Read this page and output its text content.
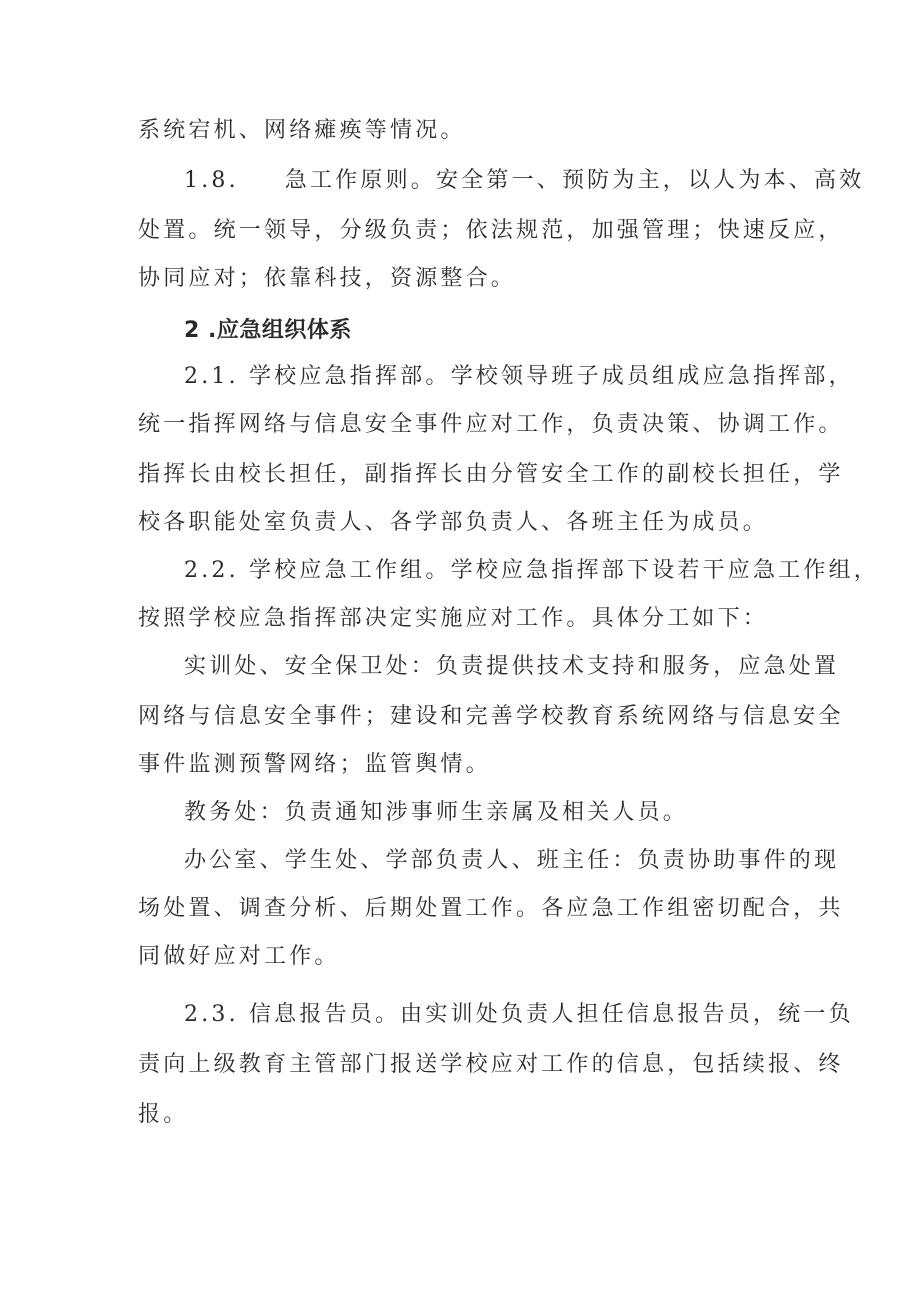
系统宕机、网络瘫痪等情况。
1.8. 急工作原则。安全第一、预防为主，以人为本、高效
处置。统一领导，分级负责；依法规范，加强管理；快速反应，
协同应对；依靠科技，资源整合。
2 .应急组织体系
2.1. 学校应急指挥部。学校领导班子成员组成应急指挥部，
统一指挥网络与信息安全事件应对工作，负责决策、协调工作。
指挥长由校长担任，副指挥长由分管安全工作的副校长担任，学
校各职能处室负责人、各学部负责人、各班主任为成员。
2.2. 学校应急工作组。学校应急指挥部下设若干应急工作组，
按照学校应急指挥部决定实施应对工作。具体分工如下：
实训处、安全保卫处：负责提供技术支持和服务，应急处置
网络与信息安全事件；建设和完善学校教育系统网络与信息安全
事件监测预警网络；监管舆情。
教务处：负责通知涉事师生亲属及相关人员。
办公室、学生处、学部负责人、班主任：负责协助事件的现
场处置、调查分析、后期处置工作。各应急工作组密切配合，共
同做好应对工作。
2.3. 信息报告员。由实训处负责人担任信息报告员，统一负
责向上级教育主管部门报送学校应对工作的信息，包括续报、终
报。
